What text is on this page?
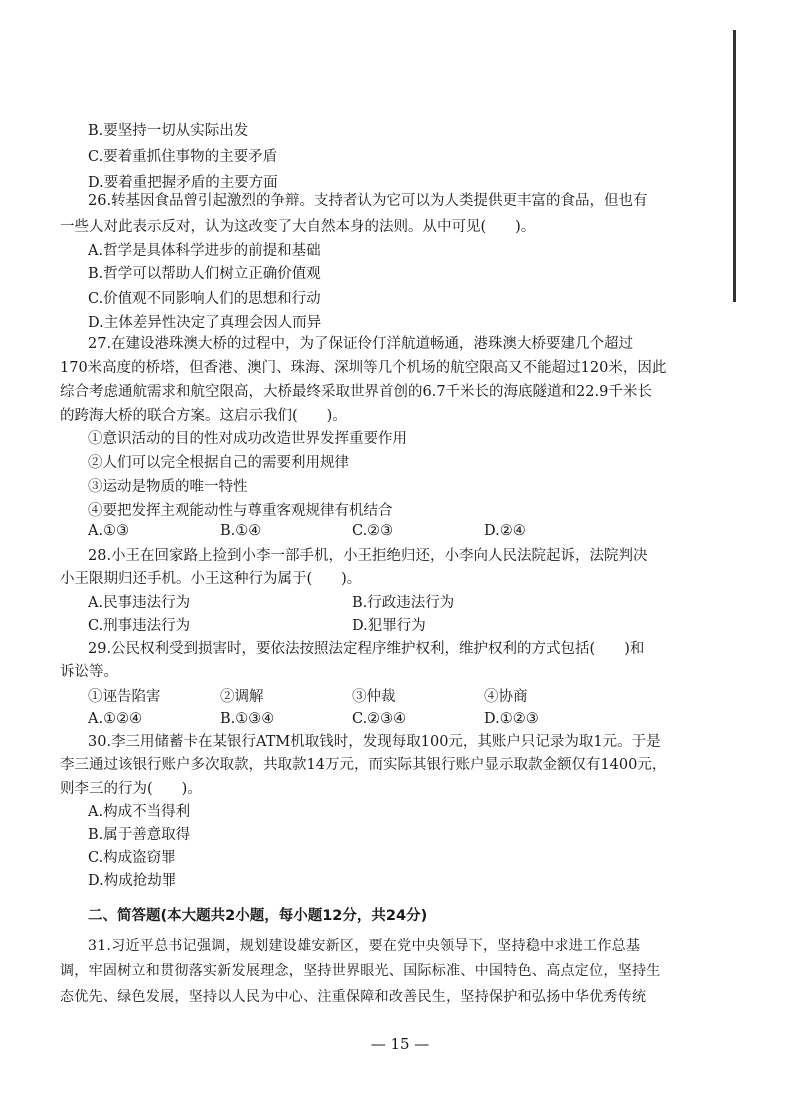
B.要坚持一切从实际出发
C.要着重抓住事物的主要矛盾
D.要着重把握矛盾的主要方面
26.转基因食品曾引起激烈的争辩。支持者认为它可以为人类提供更丰富的食品，但也有
一些人对此表示反对，认为这改变了大自然本身的法则。从中可见(　　)。
A.哲学是具体科学进步的前提和基础
B.哲学可以帮助人们树立正确价值观
C.价值观不同影响人们的思想和行动
D.主体差异性决定了真理会因人而异
27.在建设港珠澳大桥的过程中，为了保证伶仃洋航道畅通，港珠澳大桥要建几个超过
170米高度的桥塔，但香港、澳门、珠海、深圳等几个机场的航空限高又不能超过120米，因此
综合考虑通航需求和航空限高，大桥最终采取世界首创的6.7千米长的海底隧道和22.9千米长
的跨海大桥的联合方案。这启示我们(　　)。
①意识活动的目的性对成功改造世界发挥重要作用
②人们可以完全根据自己的需要利用规律
③运动是物质的唯一特性
④要把发挥主观能动性与尊重客观规律有机结合
A.①③	B.①④	C.②③	D.②④
28.小王在回家路上捡到小李一部手机，小王拒绝归还，小李向人民法院起诉，法院判决
小王限期归还手机。小王这种行为属于(　　)。
A.民事违法行为	B.行政违法行为
C.刑事违法行为	D.犯罪行为
29.公民权利受到损害时，要依法按照法定程序维护权利，维护权利的方式包括(　　)和
诉讼等。
①诬告陷害	②调解	③仲裁	④协商
A.①②④	B.①③④	C.②③④	D.①②③
30.李三用储蓄卡在某银行ATM机取钱时，发现每取100元，其账户只记录为取1元。于是
李三通过该银行账户多次取款，共取款14万元，而实际其银行账户显示取款金额仅有1400元，
则李三的行为(　　)。
A.构成不当得利
B.属于善意取得
C.构成盗窃罪
D.构成抢劫罪
二、简答题(本大题共2小题，每小题12分，共24分)
31.习近平总书记强调，规划建设雄安新区，要在党中央领导下，坚持稳中求进工作总基
调，牢固树立和贯彻落实新发展理念，坚持世界眼光、国际标准、中国特色、高点定位，坚持生
态优先、绿色发展，坚持以人民为中心、注重保障和改善民生，坚持保护和弘扬中华优秀传统
— 15 —
